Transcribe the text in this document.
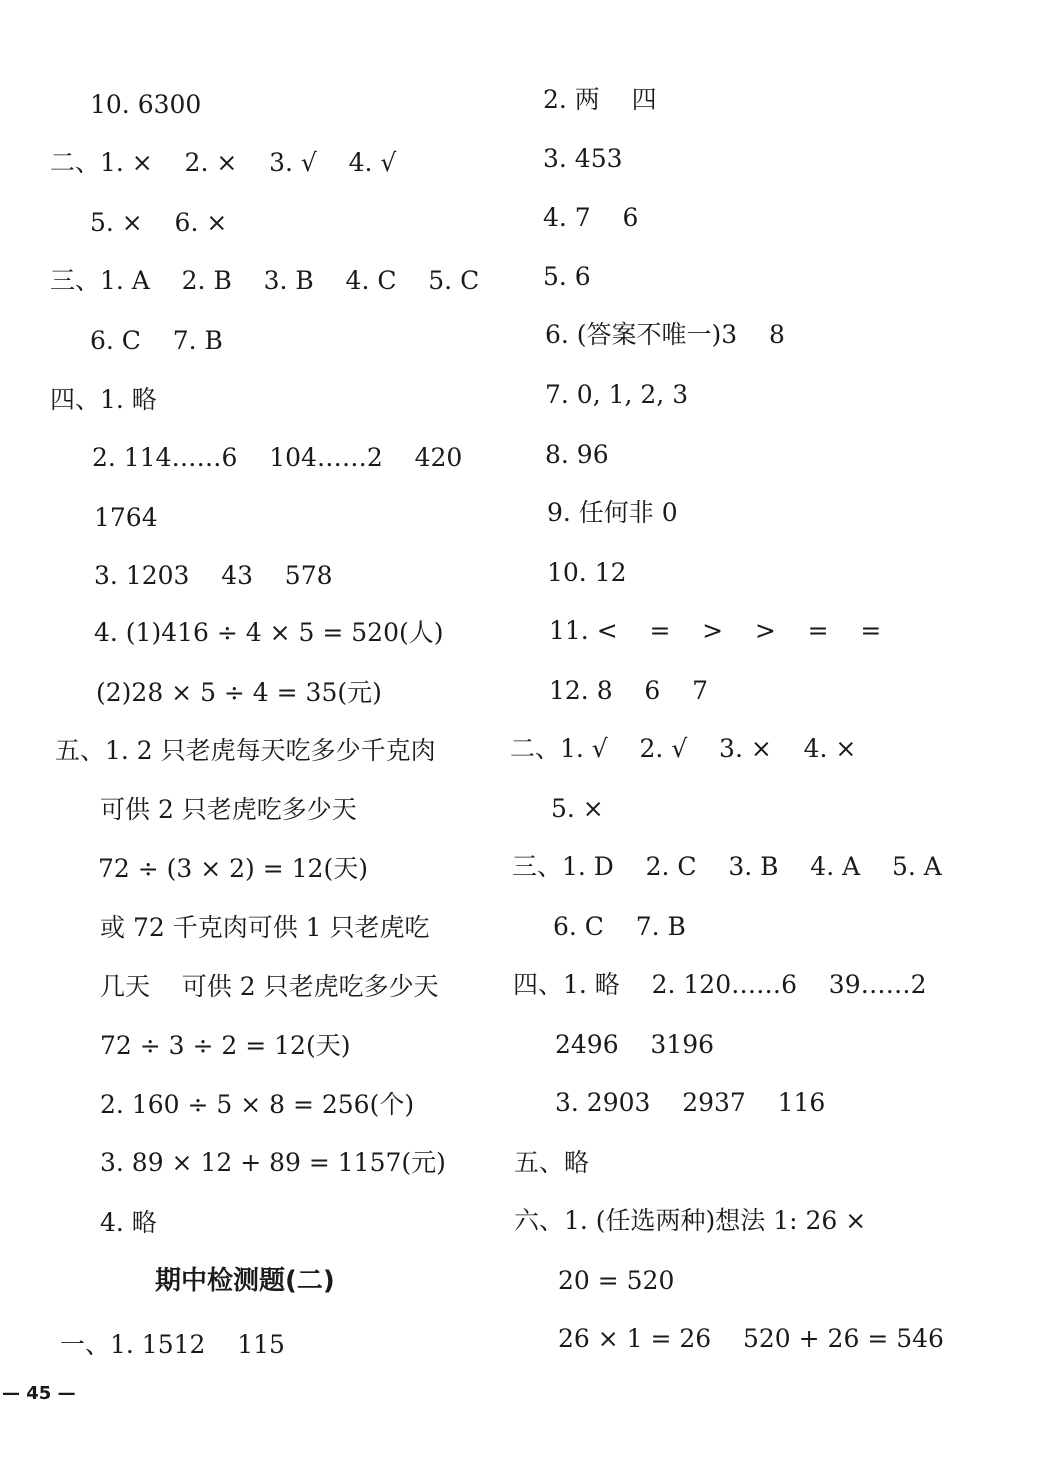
10. 6300
二、1. ×    2. ×    3. √    4. √
5. ×    6. ×
三、1. A    2. B    3. B    4. C    5. C
6. C    7. B
四、1. 略
2. 114……6    104……2    420
1764
3. 1203    43    578
4. (1)416 ÷ 4 × 5 = 520(人)
(2)28 × 5 ÷ 4 = 35(元)
五、1. 2 只老虎每天吃多少千克肉
可供 2 只老虎吃多少天
72 ÷ (3 × 2) = 12(天)
或 72 千克肉可供 1 只老虎吃
几天    可供 2 只老虎吃多少天
72 ÷ 3 ÷ 2 = 12(天)
2. 160 ÷ 5 × 8 = 256(个)
3. 89 × 12 + 89 = 1157(元)
4. 略
期中检测题(二)
一、1. 1512    115
2. 两    四
3. 453
4. 7    6
5. 6
6. (答案不唯一)3    8
7. 0, 1, 2, 3
8. 96
9. 任何非 0
10. 12
11. <    =    >    >    =    =
12. 8    6    7
二、1. √    2. √    3. ×    4. ×
5. ×
三、1. D    2. C    3. B    4. A    5. A
6. C    7. B
四、1. 略    2. 120……6    39……2
2496    3196
3. 2903    2937    116
五、略
六、1. (任选两种)想法 1: 26 ×
20 = 520
26 × 1 = 26    520 + 26 = 546
— 45 —
